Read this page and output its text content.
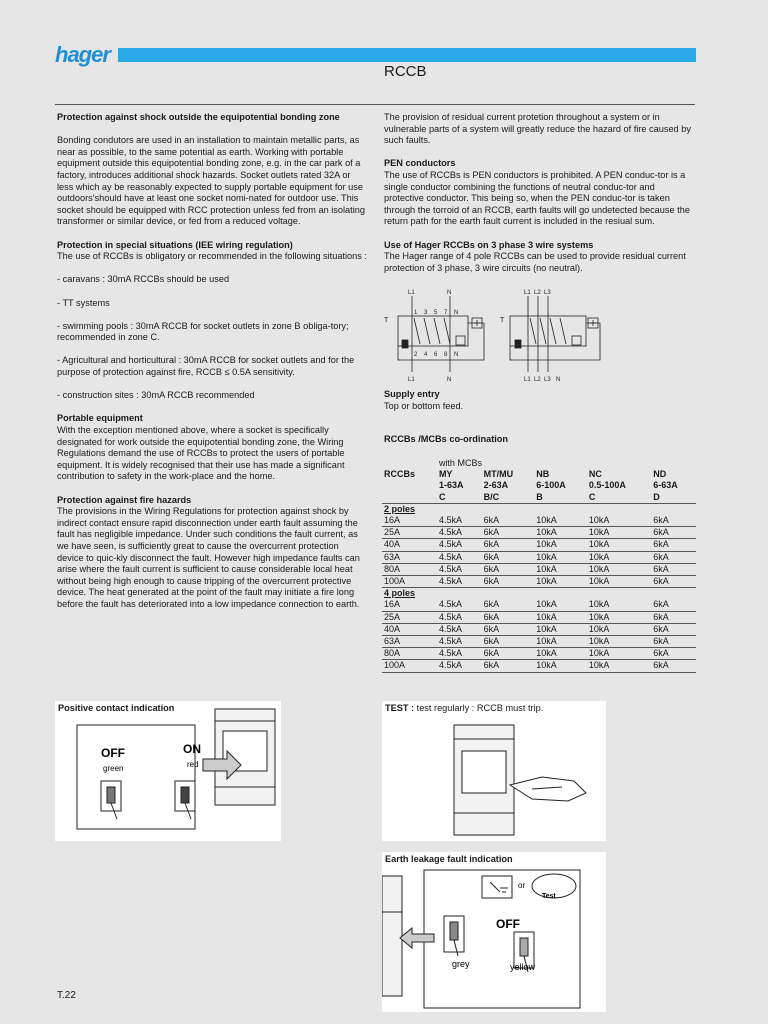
hager
RCCB

Protection against shock outside the equipotential bonding zone

Bonding condutors are used in an installation to maintain metallic parts, as near as possible, to the same potential as earth. Working with portable equipment outside this equipotential bonding zone, e.g. in the car park of a factory, introduces additional shock hazards. Socket outlets rated 32A or less which ay be reasonably expected to supply portable equipment for use outdoors'should have at least one socket nomi-nated for outdoor use. This socket should be equipped with RCC protection unless fed from an isolating transformer or similar device, or fed from a reduced voltage.

Protection in special situations (IEE wiring regulation)

The use of RCCBs is obligatory or recommended in the following situations :

- caravans : 30mA RCCBs should be used

- TT systems

- swimming pools : 30mA RCCB for socket outlets in zone B obliga-tory; recommended in zone C.

- Agricultural and horticultural : 30mA RCCB for socket outlets and for the purpose of protection against fire, RCCB ≤ 0.5A sensitivity.

- construction sites : 30mA RCCB recommended

Portable equipment

With the exception mentioned above, where a socket is specifically designated for work outside the equipotential bonding zone, the Wiring Regulations demand the use of RCCBs to protect the users of portable equipment. It is widely recognised that their use has made a significant contribution to safety in the work-place and the home.

Protection against fire hazards

The provisions in the Wiring Regulations for protection against shock by indirect contact ensure rapid disconnection under earth fault assuming the fault has negligible impedance. Under such conditions the fault current, as we have seen, is sufficiently great to cause the overcurrent protection device to quic-kly disconnect the fault. However high impedance faults can arise where the fault current is sufficient to cause considerable local heat without being high enough to cause tripping of the overcurrent protective device. The heat generated at the point of the fault may initiate a fire long before the fault has deteriorated into a low impedance connection to earth.

The provision of residual current protetion throughout a system or in vulnerable parts of a system will greatly reduce the hazard of fire caused by such faults.

PEN conductors

The use of RCCBs is PEN conductors is prohibited. A PEN conduc-tor is a single conductor combining the functions of neutral conduc-tor and protective conductor. This being so, when the PEN conduc-tor is taken through the torroid of an RCCB, earth faults will go undetected because the return path for the earth fault current is included in the resiual sum.

Use of Hager RCCBs on 3 phase 3 wire systems

The Hager range of 4 pole RCCBs can be used to provide residual current protection of 3 phase, 3 wire circuits (no neutral).

L1	N
L1	N
T
1 3 5 7 N
2 4 6 8 N
L1 L2 L3
L1 L2 L3 N
T

Supply entry

Top or bottom feed.

RCCBs /MCBs co-ordination

	with MCBs				
RCCBs	MY	MT/MU	NB	NC	ND
	1-63A	2-63A	6-100A	0.5-100A	6-63A
	C	B/C	B	C	D
2 poles					
16A	4.5kA	6kA	10kA	10kA	6kA
25A	4.5kA	6kA	10kA	10kA	6kA
40A	4.5kA	6kA	10kA	10kA	6kA
63A	4.5kA	6kA	10kA	10kA	6kA
80A	4.5kA	6kA	10kA	10kA	6kA
100A	4.5kA	6kA	10kA	10kA	6kA
4 poles					
16A	4.5kA	6kA	10kA	10kA	6kA
25A	4.5kA	6kA	10kA	10kA	6kA
40A	4.5kA	6kA	10kA	10kA	6kA
63A	4.5kA	6kA	10kA	10kA	6kA
80A	4.5kA	6kA	10kA	10kA	6kA
100A	4.5kA	6kA	10kA	10kA	6kA
Positive contact indication
OFF	ON
green	red
TEST : test regularly : RCCB must trip.
Earth leakage fault indication
or
Test
OFF
grey	yellow
T.22
